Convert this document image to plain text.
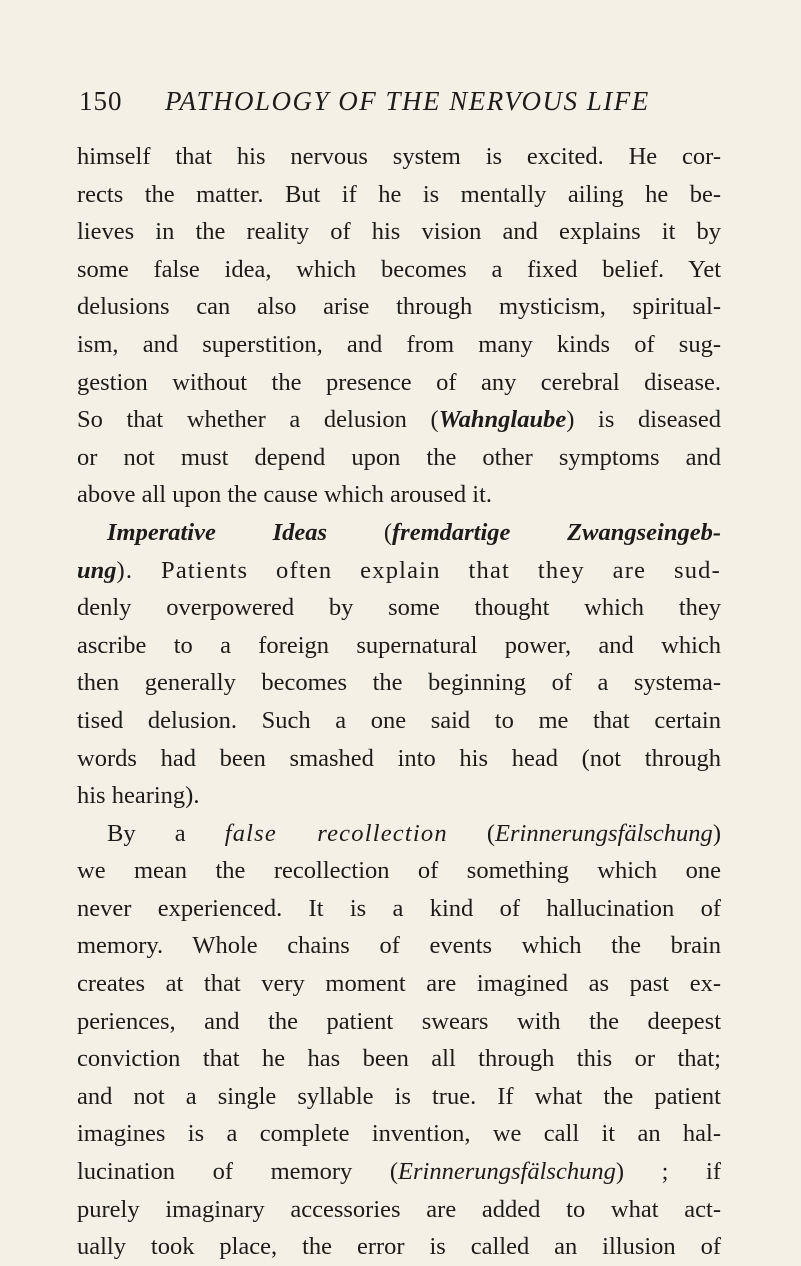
150 PATHOLOGY OF THE NERVOUS LIFE
himself that his nervous system is excited. He cor-
rects the matter. But if he is mentally ailing he be-
lieves in the reality of his vision and explains it by
some false idea, which becomes a fixed belief. Yet
delusions can also arise through mysticism, spiritual-
ism, and superstition, and from many kinds of sug-
gestion without the presence of any cerebral disease.
So that whether a delusion (Wahnglaube) is diseased
or not must depend upon the other symptoms and
above all upon the cause which aroused it.
Imperative Ideas (fremdartige Zwangseingeb-
ung). Patients often explain that they are sud-
denly overpowered by some thought which they
ascribe to a foreign supernatural power, and which
then generally becomes the beginning of a systema-
tised delusion. Such a one said to me that certain
words had been smashed into his head (not through
his hearing).
By a false recollection (Erinnerungsfälschung)
we mean the recollection of something which one
never experienced. It is a kind of hallucination of
memory. Whole chains of events which the brain
creates at that very moment are imagined as past ex-
periences, and the patient swears with the deepest
conviction that he has been all through this or that;
and not a single syllable is true. If what the patient
imagines is a complete invention, we call it an hal-
lucination of memory (Erinnerungsfälschung) ; if
purely imaginary accessories are added to what act-
ually took place, the error is called an illusion of
